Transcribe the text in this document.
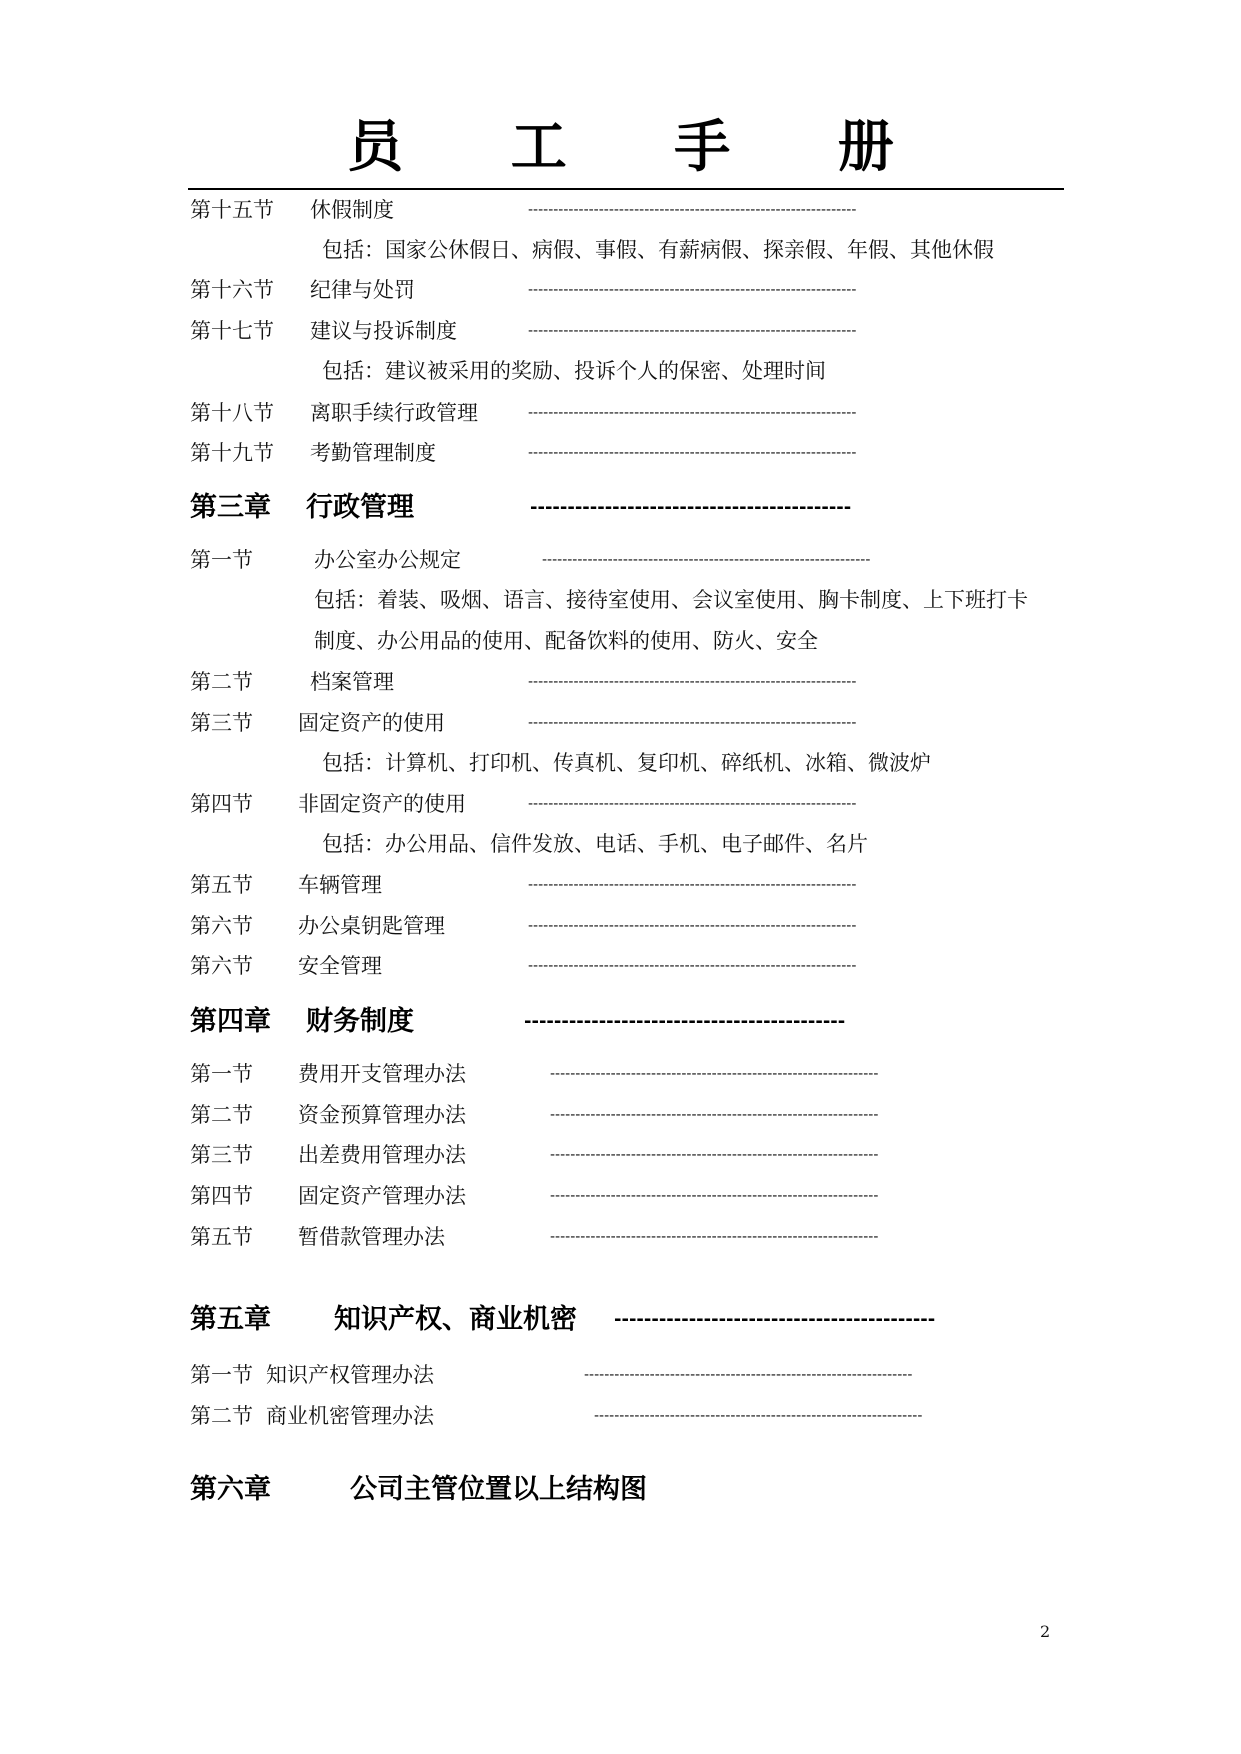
员 工 手 册
第十五节 休假制度	-----------------------------------------------------------------
包括：国家公休假日、病假、事假、有薪病假、探亲假、年假、其他休假
第十六节 纪律与处罚	-----------------------------------------------------------------
第十七节 建议与投诉制度	-----------------------------------------------------------------
包括：建议被采用的奖励、投诉个人的保密、处理时间
第十八节 离职手续行政管理	-----------------------------------------------------------------
第十九节 考勤管理制度	-----------------------------------------------------------------
第三章 行政管理	-------------------------------------------
第一节	办公室办公规定	-----------------------------------------------------------------
包括：着装、吸烟、语言、接待室使用、会议室使用、胸卡制度、上下班打卡
制度、办公用品的使用、配备饮料的使用、防火、安全
第二节	档案管理	-----------------------------------------------------------------
第三节 固定资产的使用	-----------------------------------------------------------------
包括：计算机、打印机、传真机、复印机、碎纸机、冰箱、微波炉
第四节 非固定资产的使用	-----------------------------------------------------------------
包括：办公用品、信件发放、电话、手机、电子邮件、名片
第五节 车辆管理	-----------------------------------------------------------------
第六节 办公桌钥匙管理	-----------------------------------------------------------------
第六节 安全管理	-----------------------------------------------------------------
第四章 财务制度	-------------------------------------------
第一节 费用开支管理办法	-----------------------------------------------------------------
第二节 资金预算管理办法	-----------------------------------------------------------------
第三节 出差费用管理办法	-----------------------------------------------------------------
第四节 固定资产管理办法	-----------------------------------------------------------------
第五节 暂借款管理办法	-----------------------------------------------------------------
第五章 知识产权、商业机密 -------------------------------------------
第一节 知识产权管理办法	-----------------------------------------------------------------
第二节 商业机密管理办法	-----------------------------------------------------------------
第六章	公司主管位置以上结构图
2
